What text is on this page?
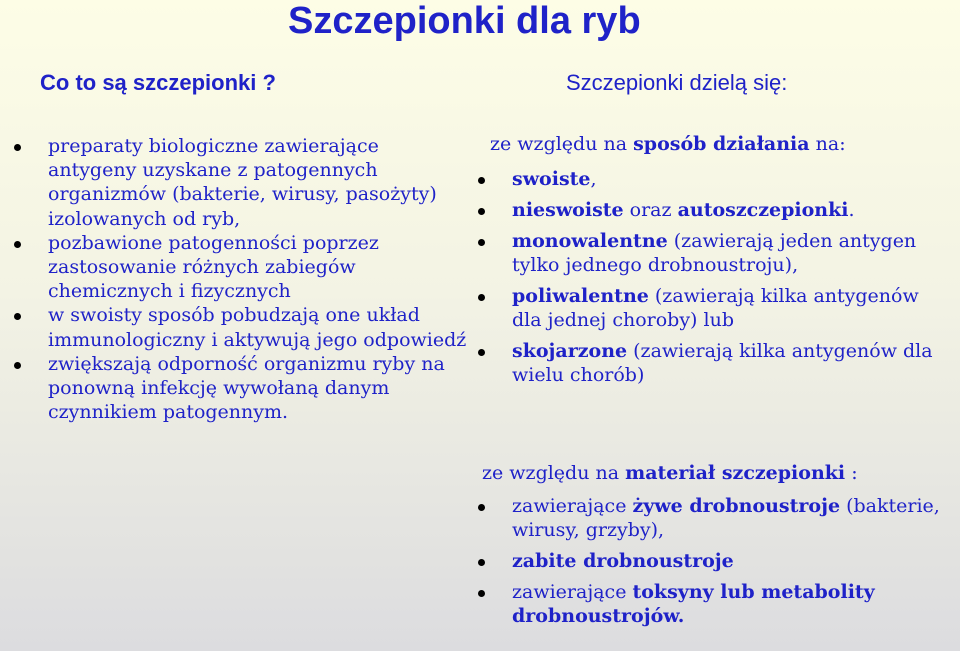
Szczepionki dla ryb
Co to są szczepionki ?	Szczepionki dzielą się:
preparaty biologiczne zawierające antygeny uzyskane z patogennych organizmów (bakterie, wirusy, pasożyty) izolowanych od ryb,
pozbawione patogenności poprzez zastosowanie różnych zabiegów chemicznych i fizycznych
w swoisty sposób pobudzają one układ immunologiczny i aktywują jego odpowiedź
zwiększają odporność organizmu ryby na ponowną infekcję wywołaną danym czynnikiem patogennym.
ze względu na sposób działania na:
swoiste,
nieswoiste oraz autoszczepionki.
monowalentne (zawierają jeden antygen tylko jednego drobnoustroju),
poliwalentne (zawierają kilka antygenów dla jednej choroby) lub
skojarzone (zawierają kilka antygenów dla wielu chorób)
ze względu na materiał szczepionki :
zawierające żywe drobnoustroje (bakterie, wirusy, grzyby),
zabite drobnoustroje
zawierające toksyny lub metabolity drobnoustrojów.
